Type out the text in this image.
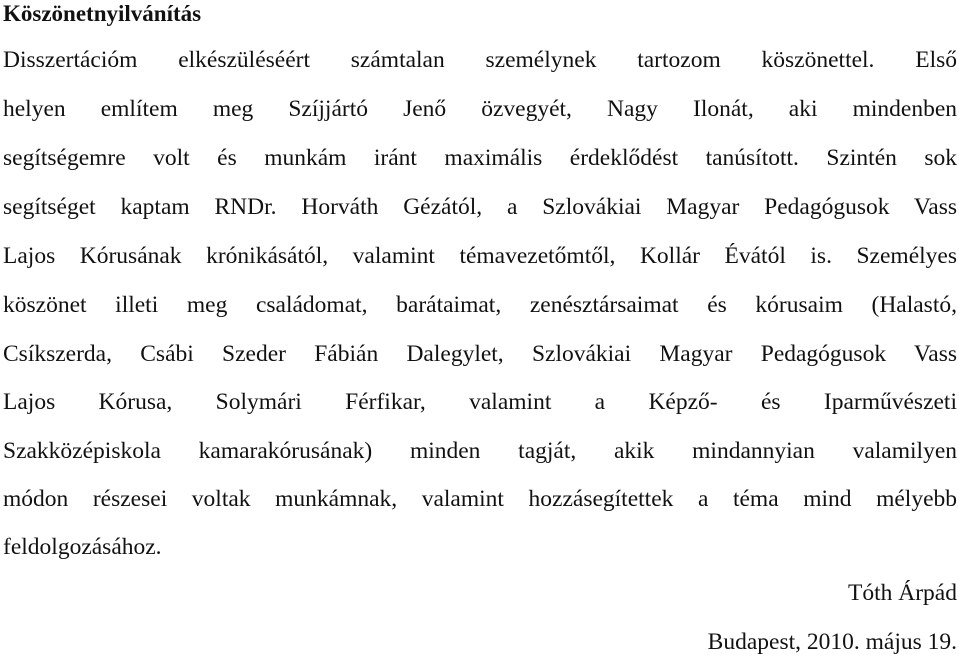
Köszönetnyilvánítás
Disszertációm elkészüléséért számtalan személynek tartozom köszönettel. Első
helyen említem meg Szíjjártó Jenő özvegyét, Nagy Ilonát, aki mindenben
segítségemre volt és munkám iránt maximális érdeklődést tanúsított. Szintén sok
segítséget kaptam RNDr. Horváth Gézától, a Szlovákiai Magyar Pedagógusok Vass
Lajos Kórusának krónikásától, valamint témavezetőmtől, Kollár Évától is. Személyes
köszönet illeti meg családomat, barátaimat, zenésztársaimat és kórusaim (Halastó,
Csíkszerda, Csábi Szeder Fábián Dalegylet, Szlovákiai Magyar Pedagógusok Vass
Lajos Kórusa, Solymári Férfikar, valamint a Képző- és Iparművészeti
Szakközépiskola kamarakórusának) minden tagját, akik mindannyian valamilyen
módon részesei voltak munkámnak, valamint hozzásegítettek a téma mind mélyebb
feldolgozásához.
Tóth Árpád
Budapest, 2010. május 19.
